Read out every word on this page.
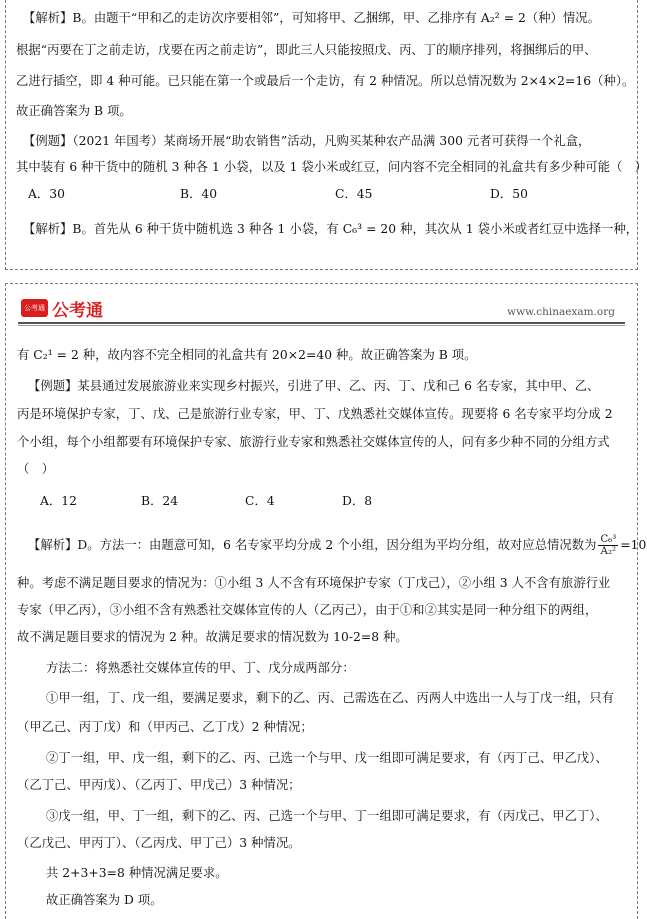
【解析】B。由题干“甲和乙的走访次序要相邻”，可知将甲、乙捆绑，甲、乙排序有 A₂² = 2（种）情况。
根据“丙要在丁之前走访，戊要在丙之前走访”，即此三人只能按照戊、丙、丁的顺序排列，将捆绑后的甲、
乙进行插空，即 4 种可能。已只能在第一个或最后一个走访，有 2 种情况。所以总情况数为 2×4×2=16（种）。
故正确答案为 B 项。
【例题】（2021 年国考）某商场开展“助农销售”活动，凡购买某种农产品满 300 元者可获得一个礼盒，
其中装有 6 种干货中的随机 3 种各 1 小袋，以及 1 袋小米或红豆，问内容不完全相同的礼盒共有多少种可能（　）
A．30	B．40	C．45	D．50
【解析】B。首先从 6 种干货中随机选 3 种各 1 小袋，有 C₆³ = 20 种，其次从 1 袋小米或者红豆中选择一种，
公考通 公考通	www.chinaexam.org
有 C₂¹ = 2 种，故内容不完全相同的礼盒共有 20×2=40 种。故正确答案为 B 项。
【例题】某县通过发展旅游业来实现乡村振兴，引进了甲、乙、丙、丁、戊和己 6 名专家，其中甲、乙、
丙是环境保护专家，丁、戊、己是旅游行业专家，甲、丁、戊熟悉社交媒体宣传。现要将 6 名专家平均分成 2
个小组，每个小组都要有环境保护专家、旅游行业专家和熟悉社交媒体宣传的人，问有多少种不同的分组方式
（　）
A．12	B．24	C．4	D．8
【解析】D。方法一：由题意可知，6 名专家平均分成 2 个小组，因分组为平均分组，故对应总情况数为 $\frac{\text{C₆³}}{\text{A₂²}} =10$
种。考虑不满足题目要求的情况为：①小组 3 人不含有环境保护专家（丁戊己），②小组 3 人不含有旅游行业
专家（甲乙丙），③小组不含有熟悉社交媒体宣传的人（乙丙己），由于①和②其实是同一种分组下的两组，
故不满足题目要求的情况为 2 种。故满足要求的情况数为 10-2=8 种。
方法二：将熟悉社交媒体宣传的甲、丁、戊分成两部分：
①甲一组，丁、戊一组，要满足要求，剩下的乙、丙、己需选在乙、丙两人中选出一人与丁戊一组，只有
（甲乙己、丙丁戊）和（甲丙己、乙丁戊）2 种情况；
②丁一组，甲、戊一组，剩下的乙、丙、己选一个与甲、戊一组即可满足要求，有（丙丁己、甲乙戊）、
（乙丁己、甲丙戊）、（乙丙丁、甲戊己）3 种情况；
③戊一组，甲、丁一组，剩下的乙、丙、己选一个与甲、丁一组即可满足要求，有（丙戊己、甲乙丁）、
（乙戊己、甲丙丁）、（乙丙戊、甲丁己）3 种情况。
共 2+3+3=8 种情况满足要求。
故正确答案为 D 项。
